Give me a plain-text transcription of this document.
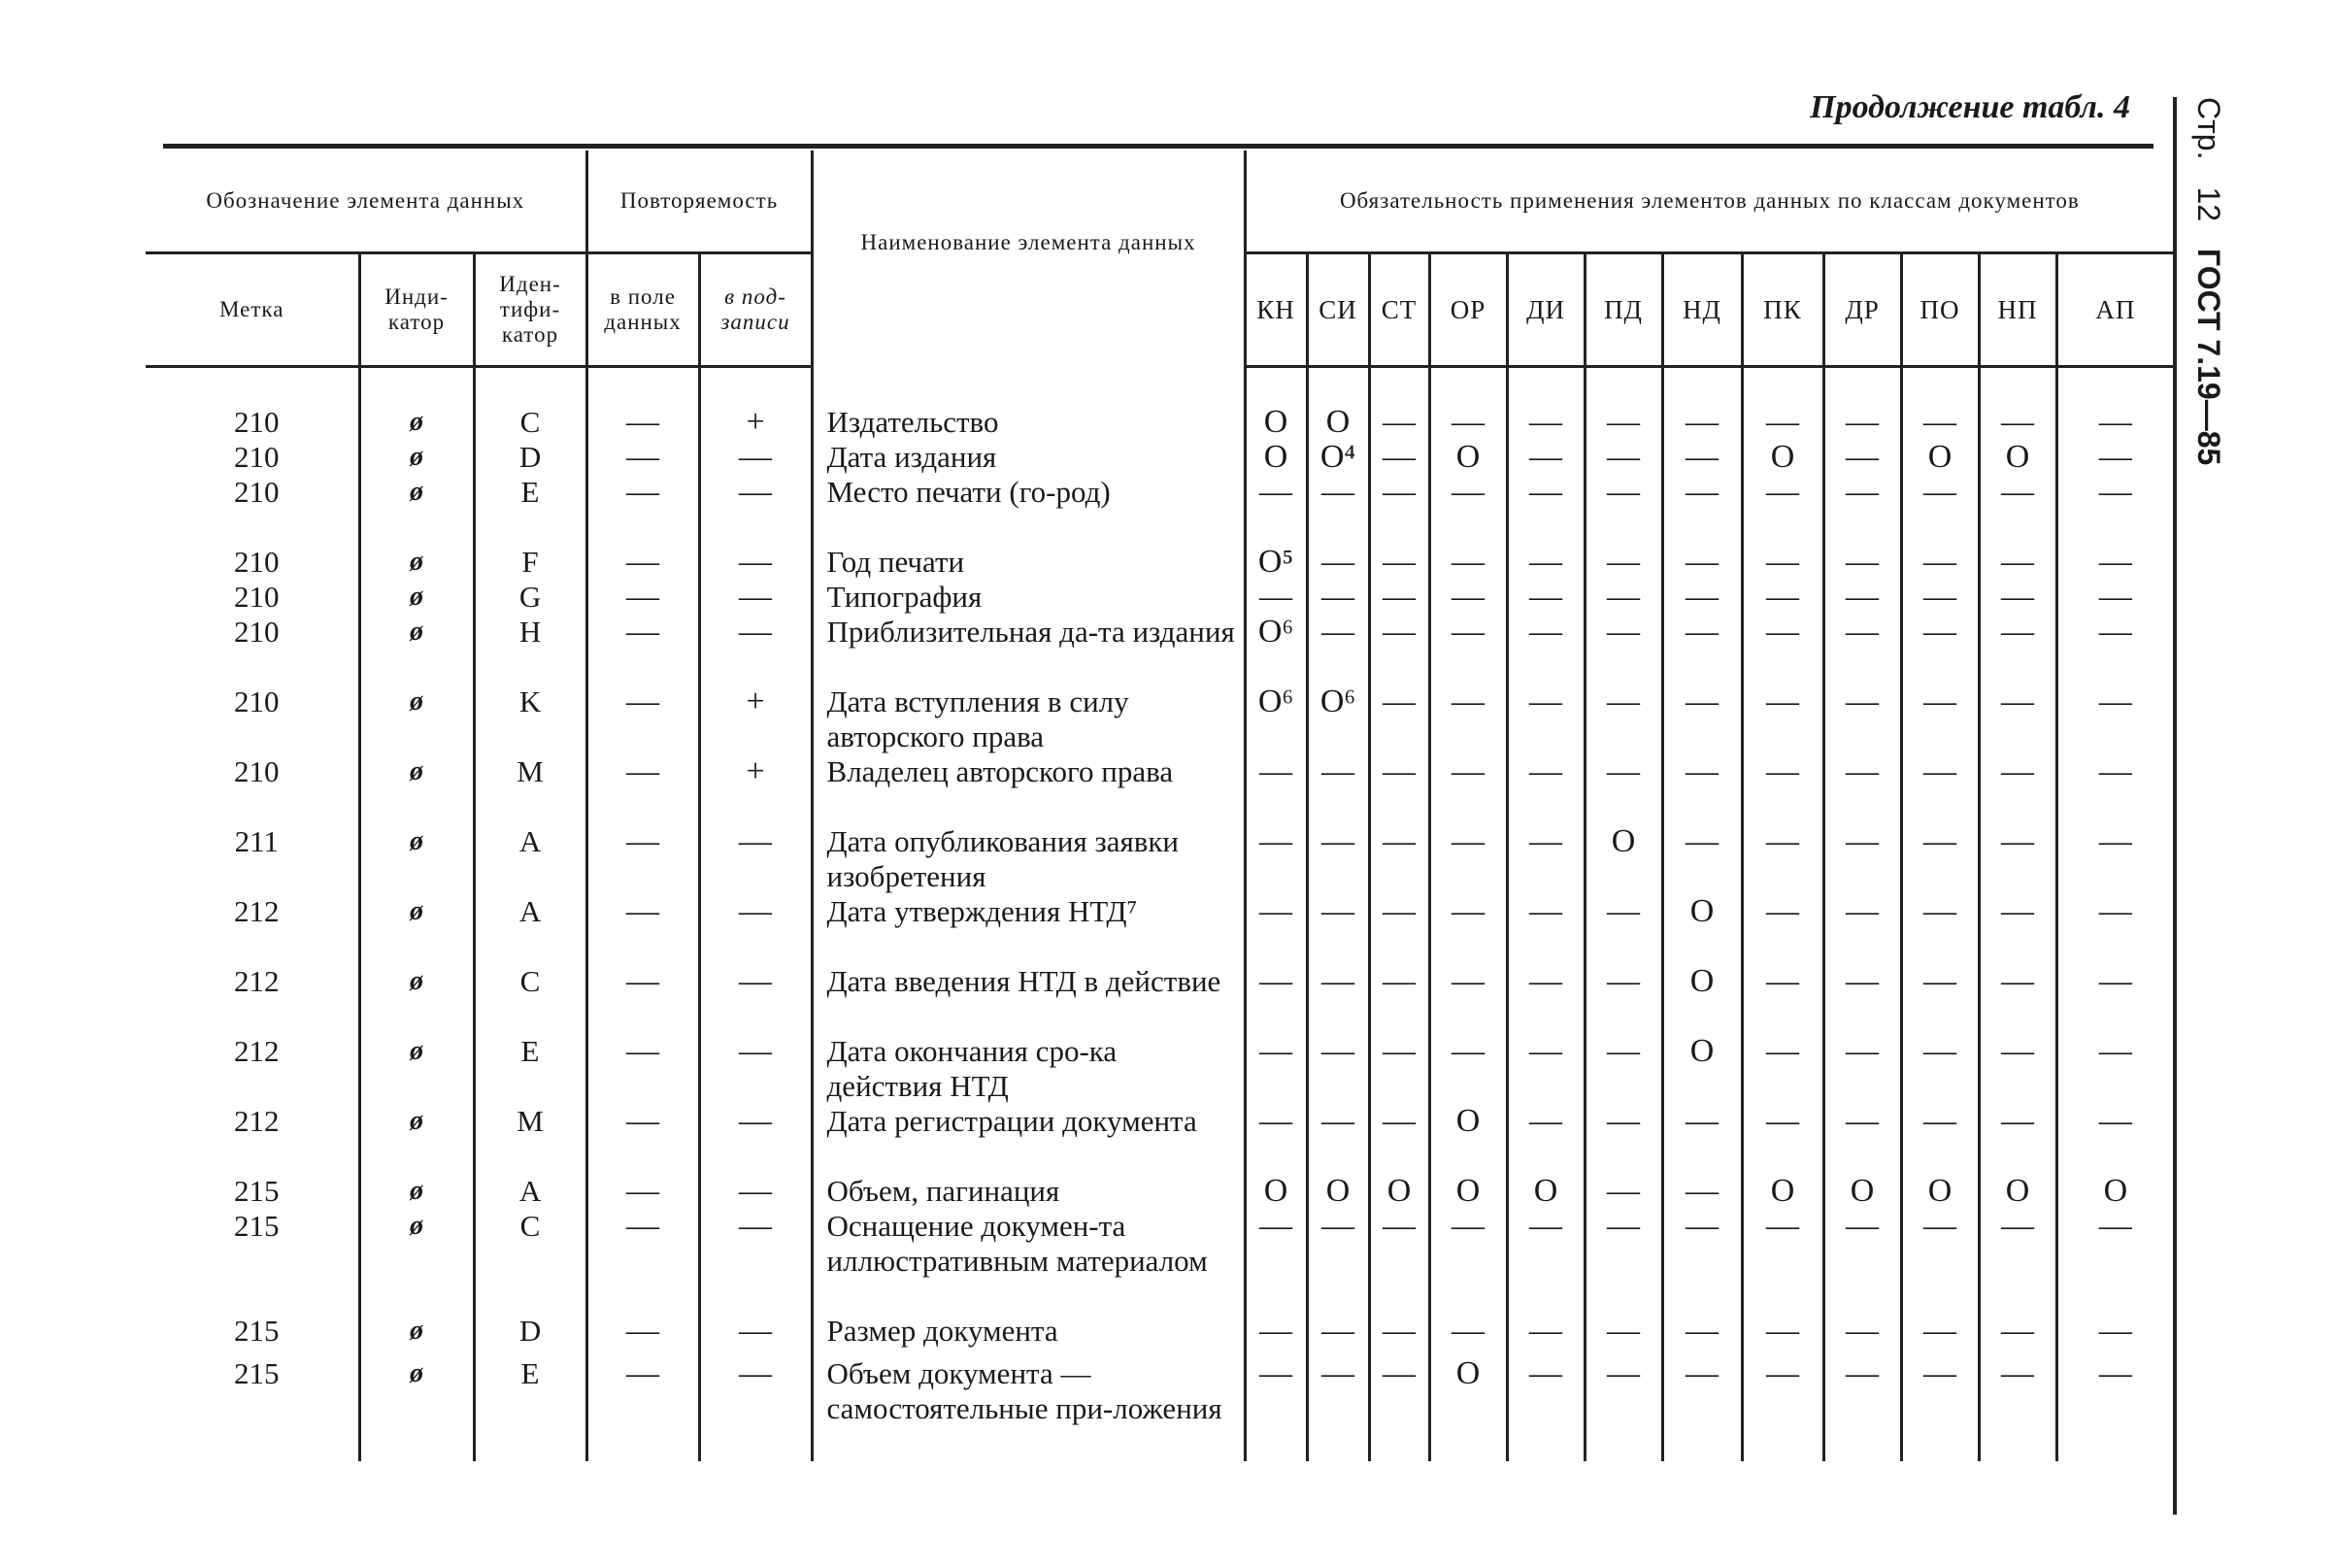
Продолжение табл. 4 Стр.12ГОСТ 7.19—85
Обозначение элемента данных			Повторяемость		Наименование элемента данных	Обязательность применения элементов данных по классам документов											
Метка	Инди-катор	Иден-тифи-катор	в поле данных	в под-записи		КН	СИ	СТ	ОР	ДИ	ПД	НД	ПК	ДР	ПО	НП	АП

210	ø	C	—	+	Издательство	O	O	—	—	—	—	—	—	—	—	—	—
210	ø	D	—	—	Дата издания	O	O⁴	—	O	—	—	—	O	—	O	O	—
210	ø	E	—	—	Место печати (го-род)	—	—	—	—	—	—	—	—	—	—	—	—
210	ø	F	—	—	Год печати	O⁵	—	—	—	—	—	—	—	—	—	—	—
210	ø	G	—	—	Типография	—	—	—	—	—	—	—	—	—	—	—	—
210	ø	H	—	—	Приблизительная да-та издания	O⁶	—	—	—	—	—	—	—	—	—	—	—
210	ø	K	—	+	Дата вступления в силу авторского права	O⁶	O⁶	—	—	—	—	—	—	—	—	—	—
210	ø	M	—	+	Владелец авторского права	—	—	—	—	—	—	—	—	—	—	—	—
211	ø	A	—	—	Дата опубликования заявки изобретения	—	—	—	—	—	O	—	—	—	—	—	—
212	ø	A	—	—	Дата утверждения НТД⁷	—	—	—	—	—	—	O	—	—	—	—	—
212	ø	C	—	—	Дата введения НТД в действие	—	—	—	—	—	—	O	—	—	—	—	—
212	ø	E	—	—	Дата окончания сро-ка действия НТД	—	—	—	—	—	—	O	—	—	—	—	—
212	ø	M	—	—	Дата регистрации документа	—	—	—	O	—	—	—	—	—	—	—	—
215	ø	A	—	—	Объем, пагинация	O	O	O	O	O	—	—	O	O	O	O	O
215	ø	C	—	—	Оснащение докумен-та иллюстративным материалом	—	—	—	—	—	—	—	—	—	—	—	—
215	ø	D	—	—	Размер документа	—	—	—	—	—	—	—	—	—	—	—	—
215	ø	E	—	—	Объем документа — самостоятельные при-ложения	—	—	—	O	—	—	—	—	—	—	—	—
